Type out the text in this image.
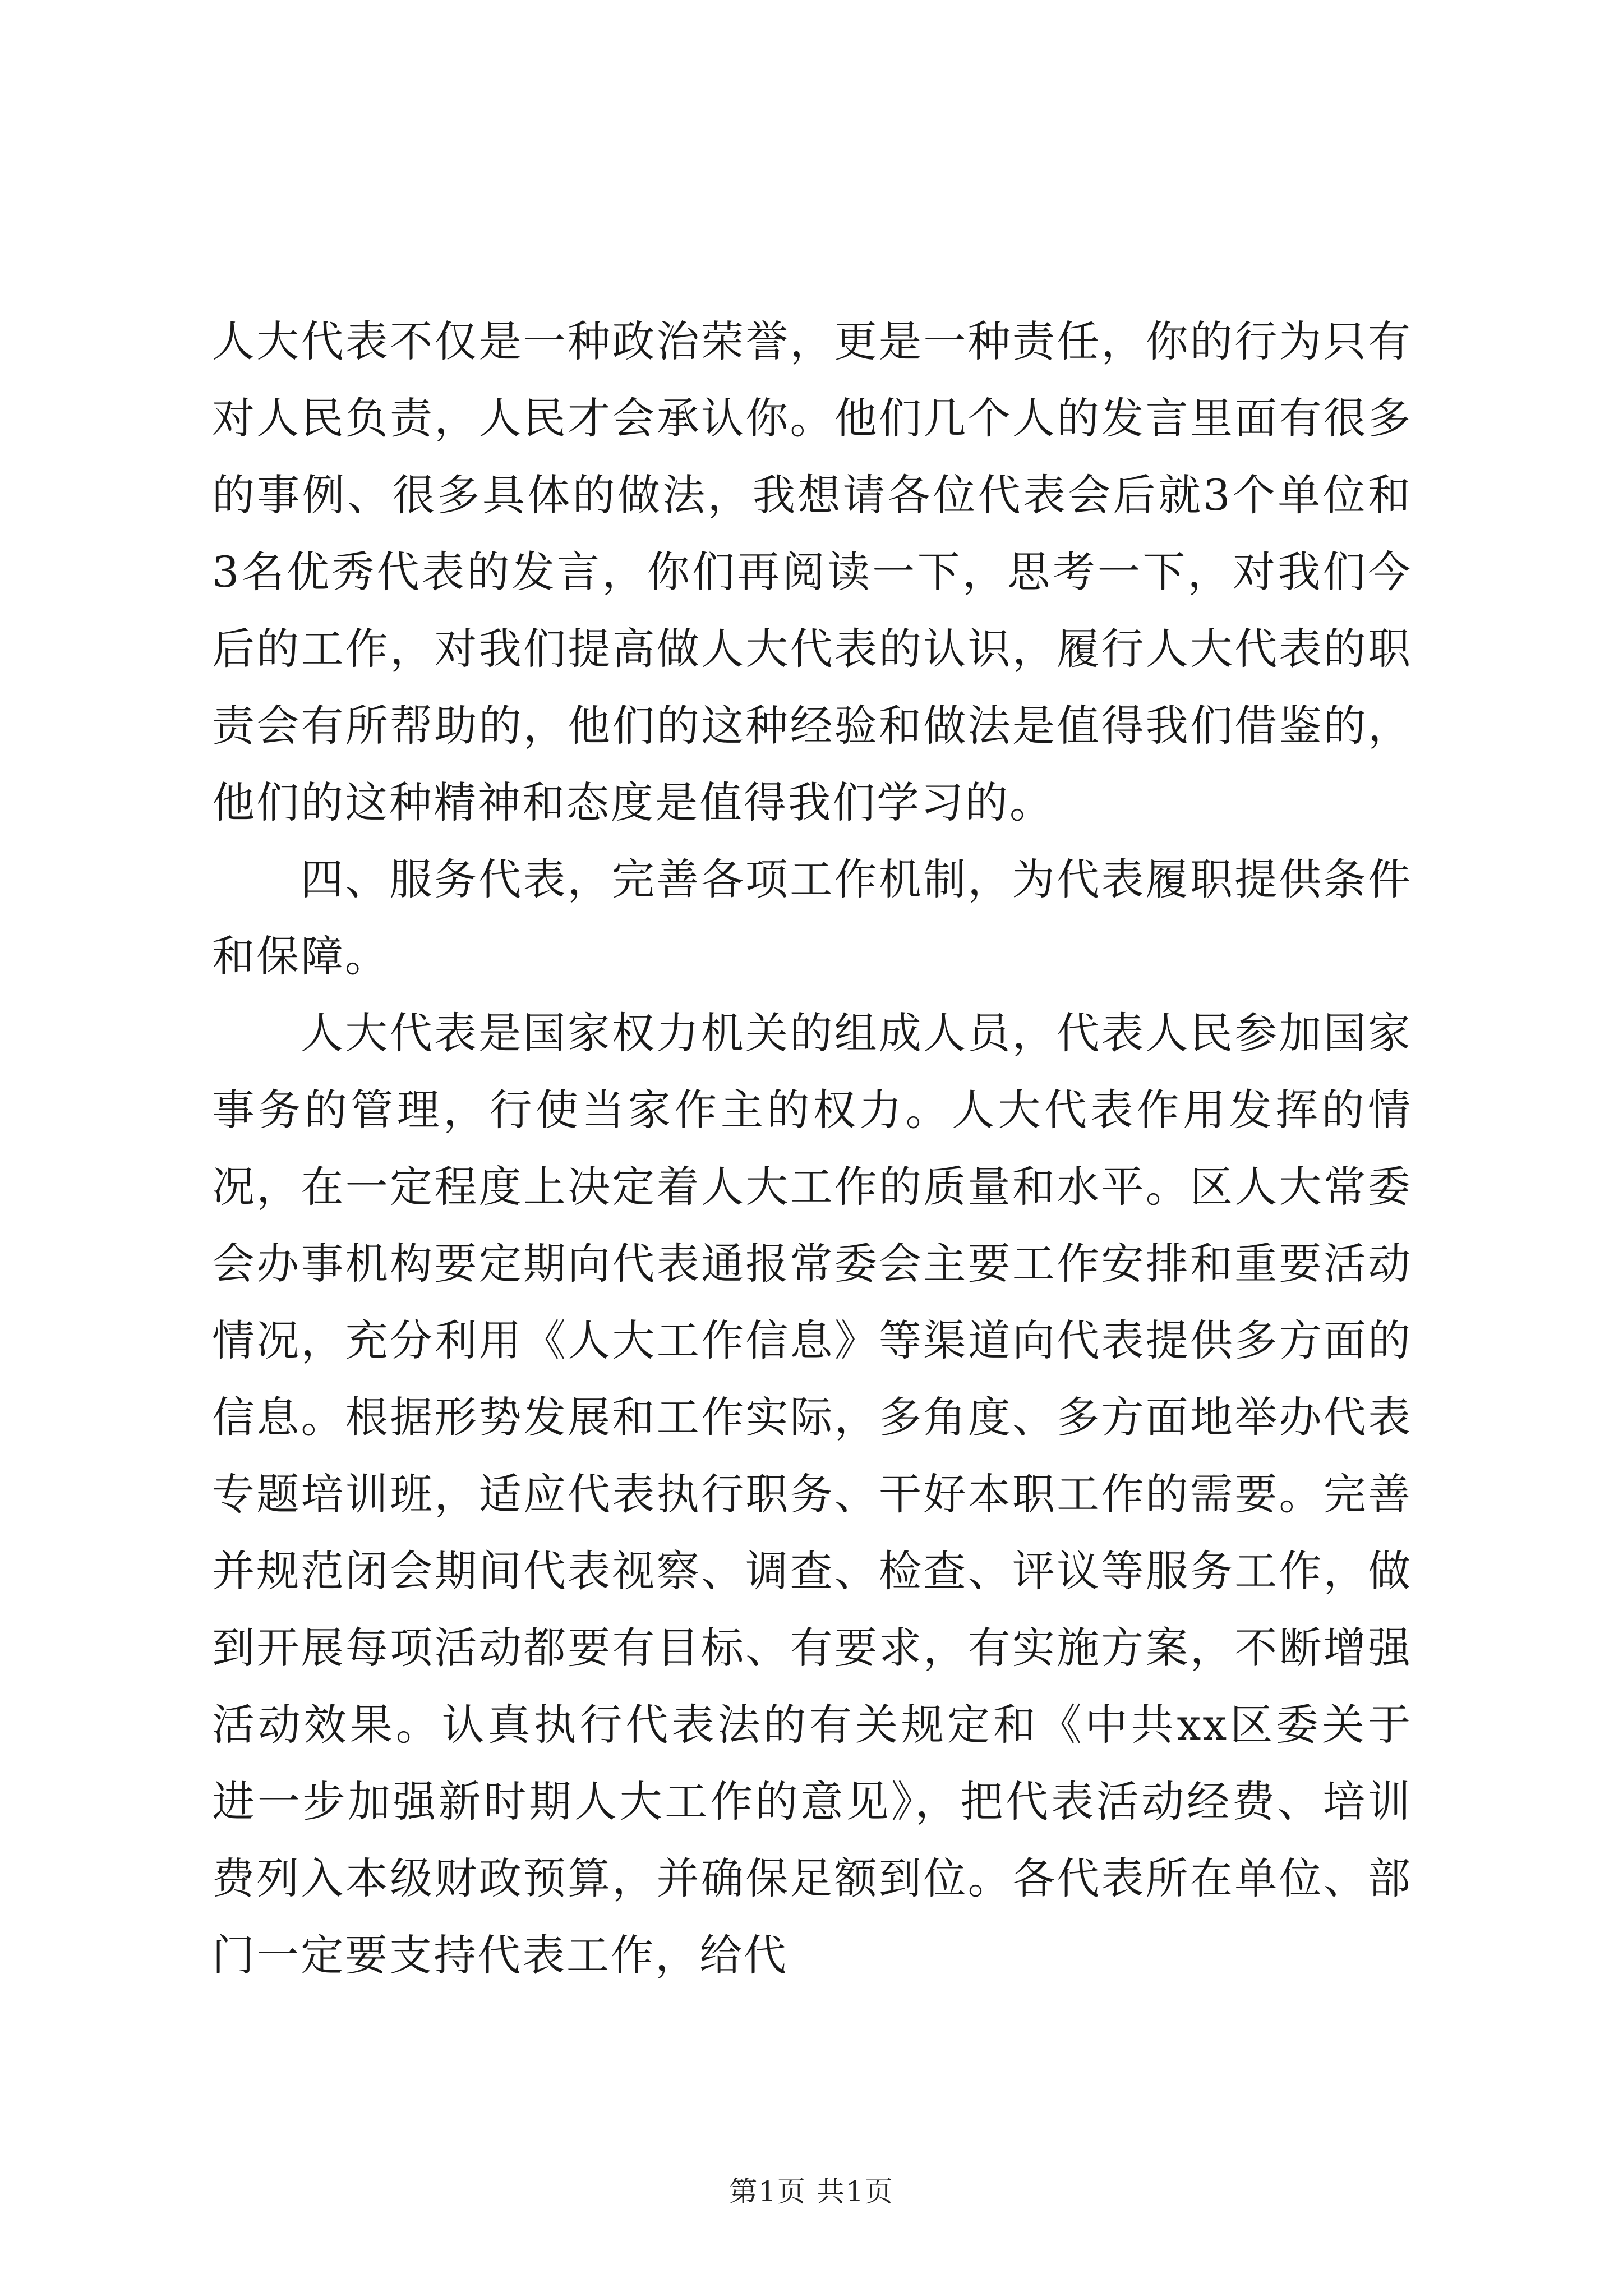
人大代表不仅是一种政治荣誉，更是一种责任，你的行为只有对人民负责，人民才会承认你。他们几个人的发言里面有很多的事例、很多具体的做法，我想请各位代表会后就3个单位和3名优秀代表的发言，你们再阅读一下，思考一下，对我们今后的工作，对我们提高做人大代表的认识，履行人大代表的职责会有所帮助的，他们的这种经验和做法是值得我们借鉴的，他们的这种精神和态度是值得我们学习的。

四、服务代表，完善各项工作机制，为代表履职提供条件和保障。

人大代表是国家权力机关的组成人员，代表人民参加国家事务的管理，行使当家作主的权力。人大代表作用发挥的情况，在一定程度上决定着人大工作的质量和水平。区人大常委会办事机构要定期向代表通报常委会主要工作安排和重要活动情况，充分利用《人大工作信息》等渠道向代表提供多方面的信息。根据形势发展和工作实际，多角度、多方面地举办代表专题培训班，适应代表执行职务、干好本职工作的需要。完善并规范闭会期间代表视察、调查、检查、评议等服务工作，做到开展每项活动都要有目标、有要求，有实施方案，不断增强活动效果。认真执行代表法的有关规定和《中共xx区委关于进一步加强新时期人大工作的意见》，把代表活动经费、培训费列入本级财政预算，并确保足额到位。各代表所在单位、部门一定要支持代表工作，给代

第1页 共1页
